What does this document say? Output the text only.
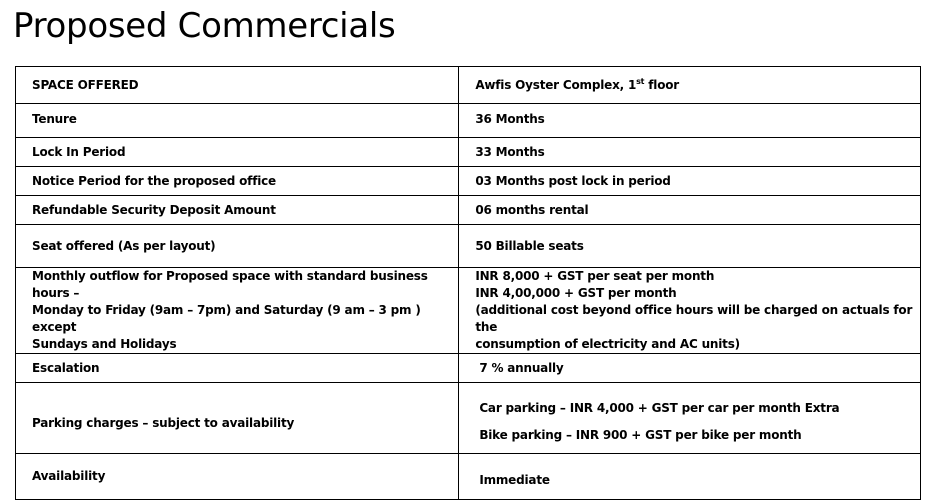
Proposed Commercials
SPACE OFFERED	Awfis Oyster Complex, 1st floor
Tenure	36 Months
Lock In Period	33 Months
Notice Period for the proposed office	03 Months post lock in period
Refundable Security Deposit Amount	06 months rental
Seat offered (As per layout)	50 Billable seats

Monthly outflow for Proposed space with standard business hours –
Monday to Friday (9am – 7pm) and Saturday (9 am – 3 pm ) except
Sundays and Holidays	INR 8,000 + GST per seat per month
INR 4,00,000 + GST per month
(additional cost beyond office hours will be charged on actuals for the
consumption of electricity and AC units)

Escalation	7 % annually
Parking charges – subject to availability	Car parking – INR 4,000 + GST per car per month Extra
Bike parking – INR 900 + GST per bike per month

Availability	Immediate
